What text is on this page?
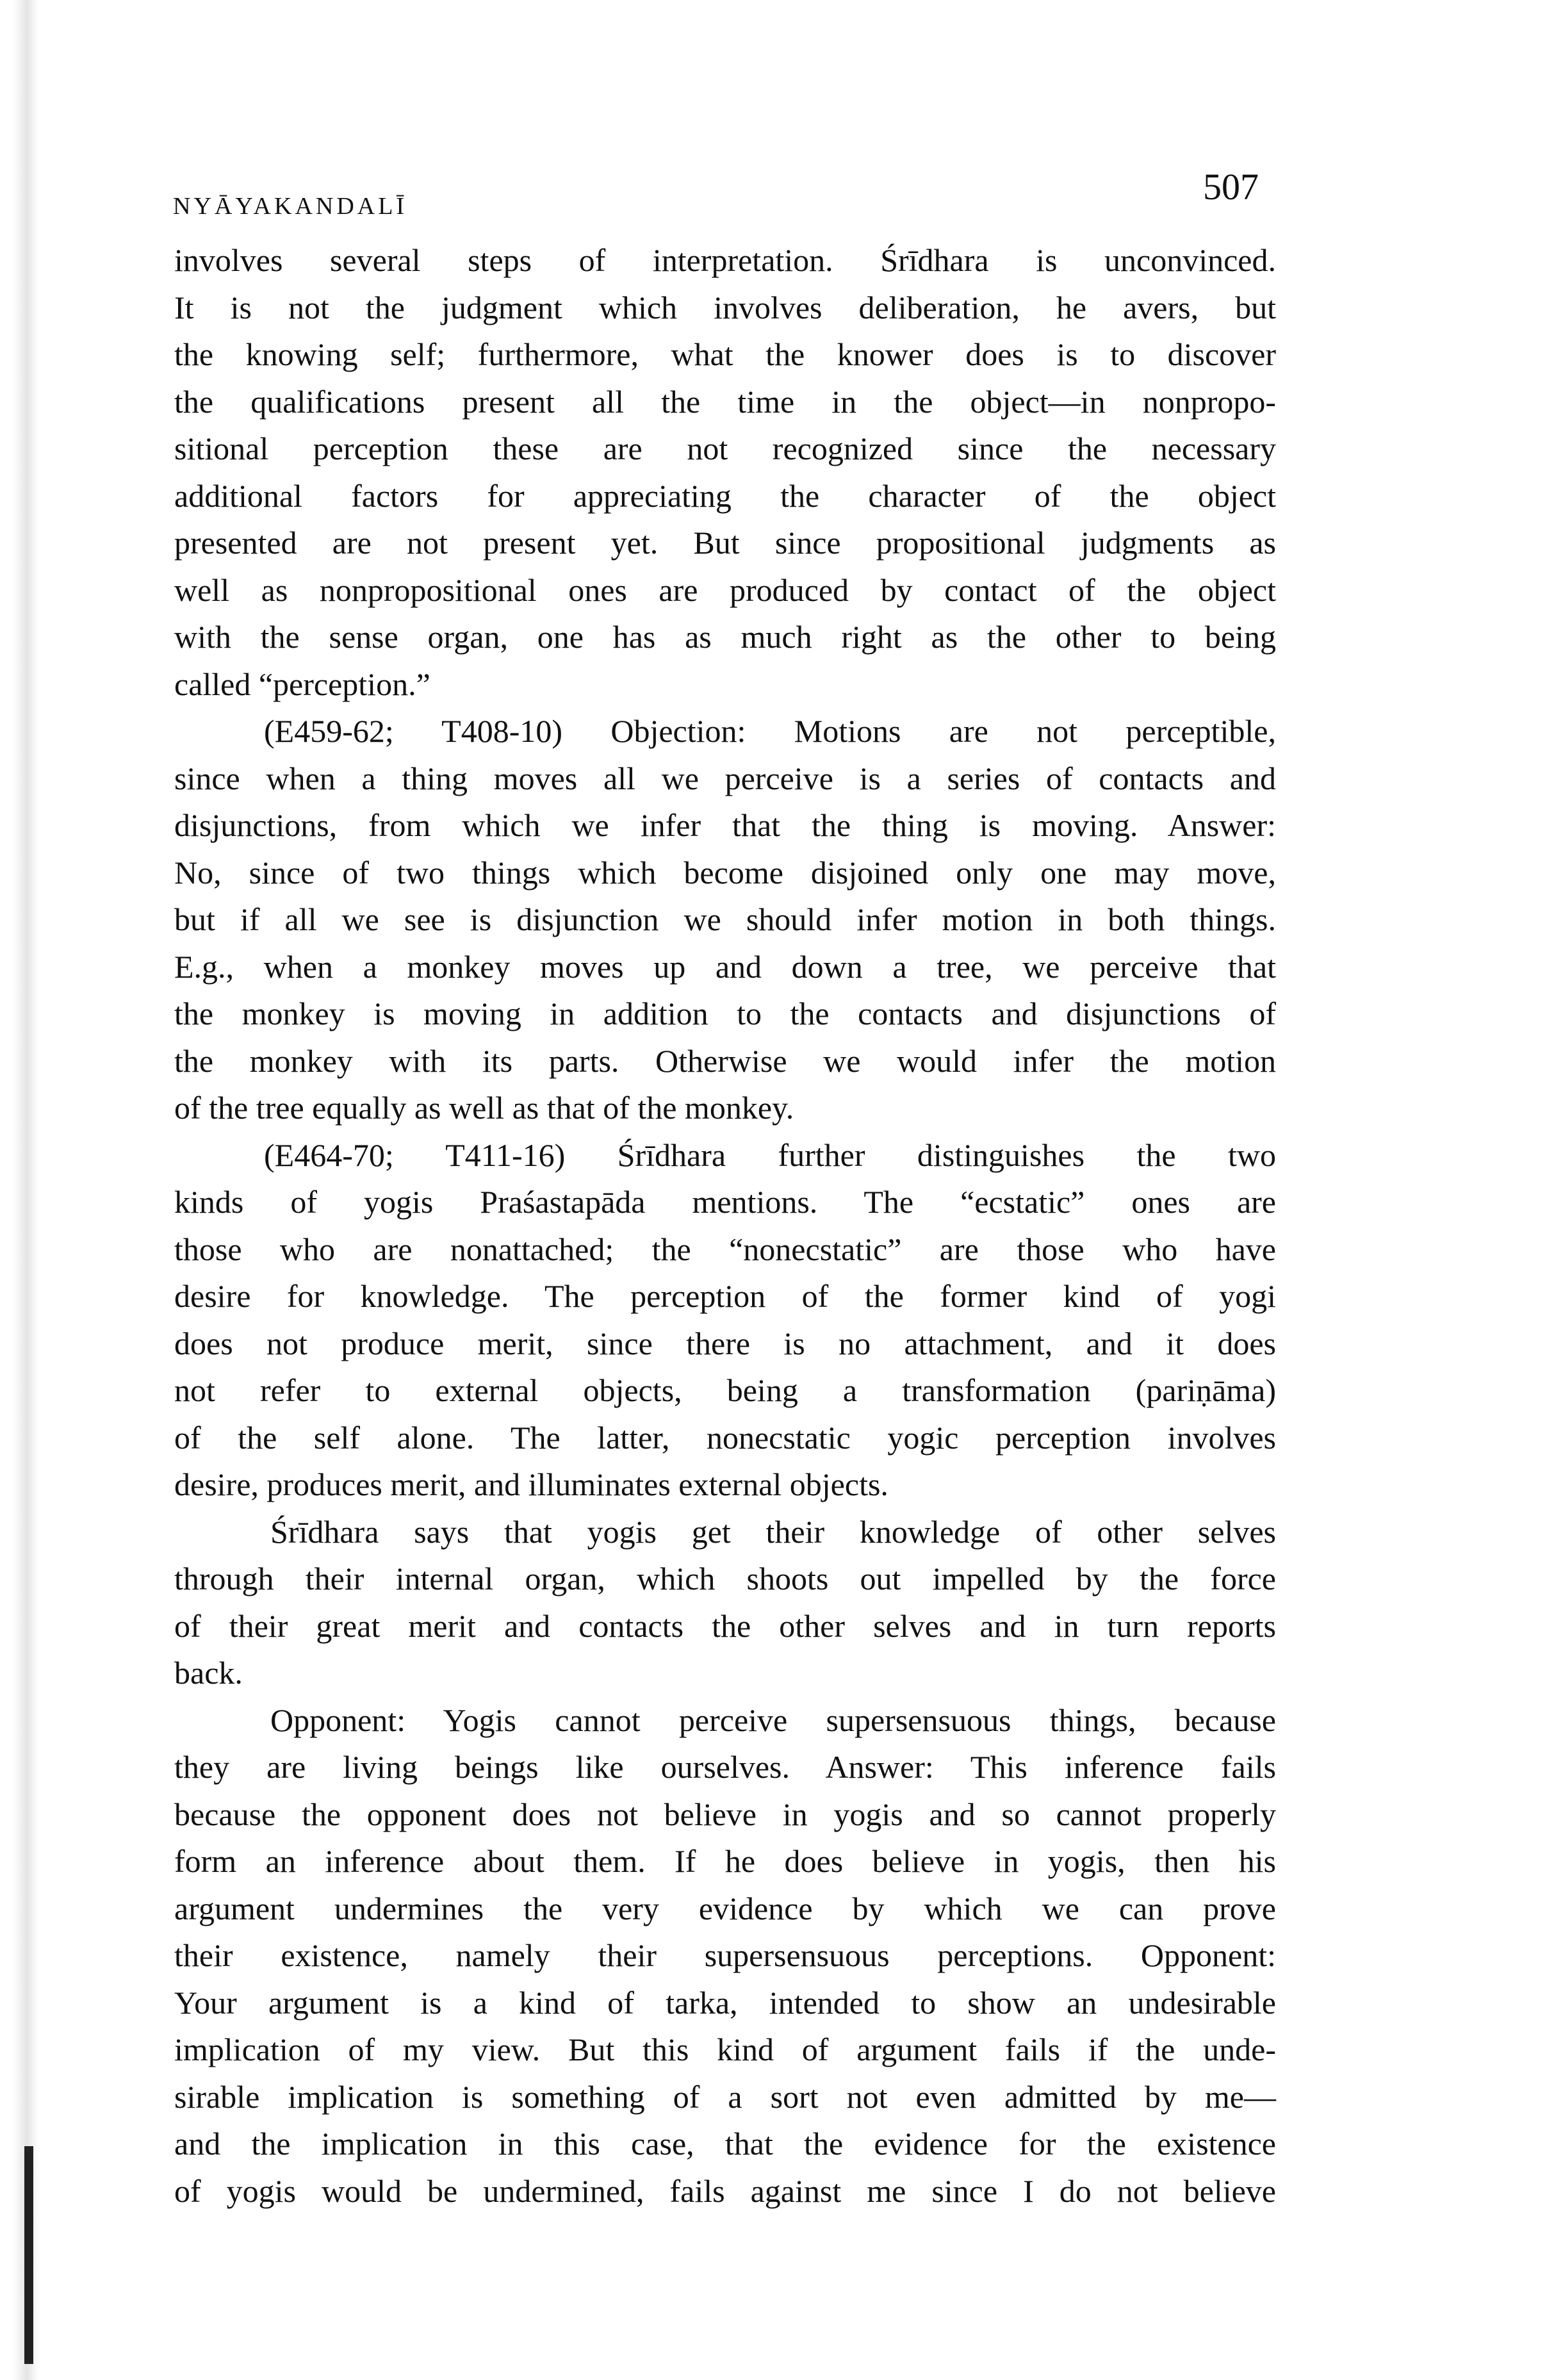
NYĀYAKANDALĪ	507
involves several steps of interpretation. Śrīdhara is unconvinced.
It is not the judgment which involves deliberation, he avers, but
the knowing self; furthermore, what the knower does is to discover
the qualifications present all the time in the object—in nonpropo-
sitional perception these are not recognized since the necessary
additional factors for appreciating the character of the object
presented are not present yet. But since propositional judgments as
well as nonpropositional ones are produced by contact of the object
with the sense organ, one has as much right as the other to being
called “perception.”
(E459-62; T408-10) Objection: Motions are not perceptible,
since when a thing moves all we perceive is a series of contacts and
disjunctions, from which we infer that the thing is moving. Answer:
No, since of two things which become disjoined only one may move,
but if all we see is disjunction we should infer motion in both things.
E.g., when a monkey moves up and down a tree, we perceive that
the monkey is moving in addition to the contacts and disjunctions of
the monkey with its parts. Otherwise we would infer the motion
of the tree equally as well as that of the monkey.
(E464-70; T411-16) Śrīdhara further distinguishes the two
kinds of yogis Praśastapāda mentions. The “ecstatic” ones are
those who are nonattached; the “nonecstatic” are those who have
desire for knowledge. The perception of the former kind of yogi
does not produce merit, since there is no attachment, and it does
not refer to external objects, being a transformation (pariṇāma)
of the self alone. The latter, nonecstatic yogic perception involves
desire, produces merit, and illuminates external objects.
Śrīdhara says that yogis get their knowledge of other selves
through their internal organ, which shoots out impelled by the force
of their great merit and contacts the other selves and in turn reports
back.
Opponent: Yogis cannot perceive supersensuous things, because
they are living beings like ourselves. Answer: This inference fails
because the opponent does not believe in yogis and so cannot properly
form an inference about them. If he does believe in yogis, then his
argument undermines the very evidence by which we can prove
their existence, namely their supersensuous perceptions. Opponent:
Your argument is a kind of tarka, intended to show an undesirable
implication of my view. But this kind of argument fails if the unde-
sirable implication is something of a sort not even admitted by me—
and the implication in this case, that the evidence for the existence
of yogis would be undermined, fails against me since I do not believe
